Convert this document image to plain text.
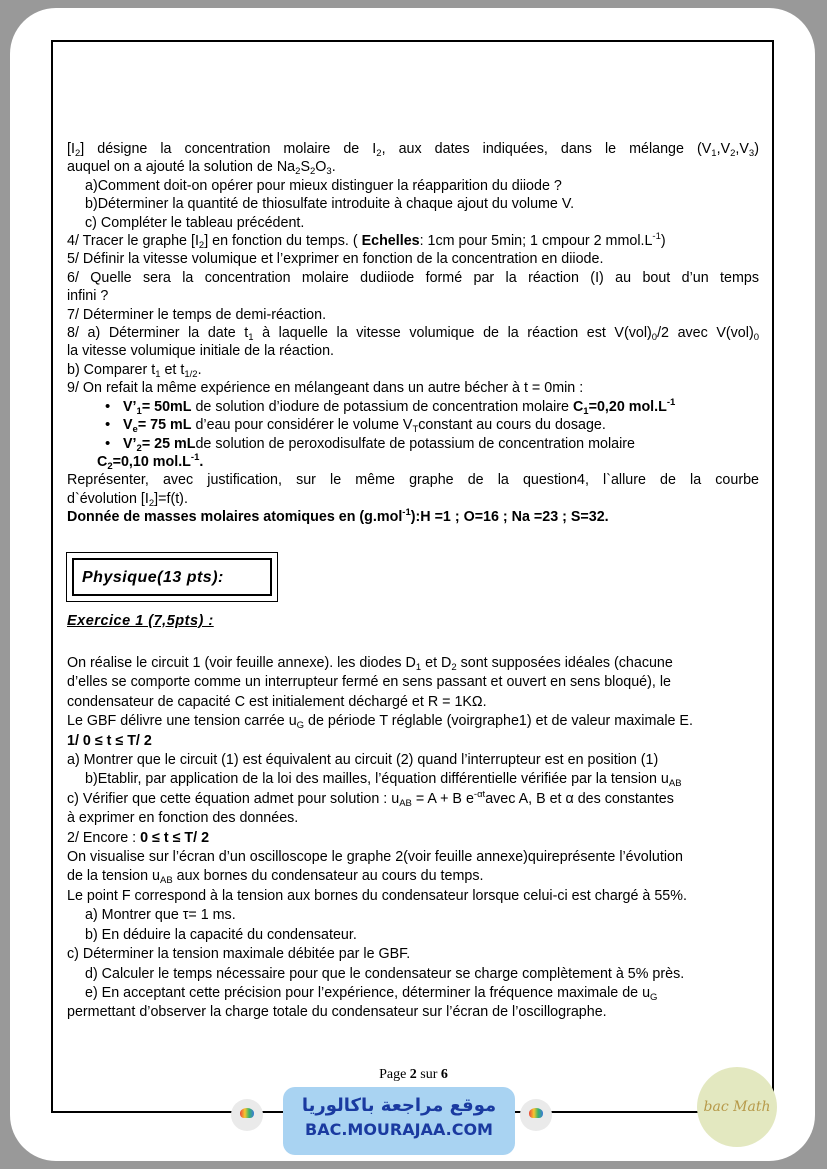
$[I_2]$ désigne la concentration molaire de $I_2$, aux dates indiquées, dans le mélange $(V_1,V_2,V_3)$

auquel on a ajouté la solution de $Na_2S_2O_3$.

a)Comment doit-on opérer pour mieux distinguer la réapparition du diiode ?

b)Déterminer la quantité de thiosulfate introduite à chaque ajout du volume V.

c) Compléter le tableau précédent.

4/ Tracer le graphe $[I_2]$ en fonction du temps. ( Echelles: 1cm pour 5min; 1 cmpour 2 $mmol.L^{-1}$)

5/ Définir la vitesse volumique et l’exprimer en fonction de la concentration en diiode.

6/ Quelle sera la concentration molaire dudiiode formé par la réaction (I) au bout d’un temps

infini ?

7/ Déterminer le temps de demi-réaction.

8/ a) Déterminer la date $t_1$ à laquelle la vitesse volumique de la réaction est $V(vol)_0/2$ avec $V(vol)_0$

la vitesse volumique initiale de la réaction.

b) Comparer $t_1$ et $t_{1/2}$.

9/ On refait la même expérience en mélangeant dans un autre bécher à t = 0min :

• $V’_1= 50mL$ de solution d’iodure de potassium de concentration molaire $C_1=0,20$ $mol.L^{-1}$
• $V_e= 75$ mL d’eau pour considérer le volume $V_Tconstant$ au cours du dosage.
• $V’_2= 25$ mLde solution de peroxodisulfate de potassium de concentration molaire

$C_2=0,10$ $mol.L^{-1}$.

Représenter, avec justification, sur le même graphe de la question4, l`allure de la courbe

d`évolution $[I_2]=f(t)$.

Donnée de masses molaires atomiques en (g.mol$^{-1}$):H =1 ; O=16 ; Na =23 ; S=32.

Physique(13 pts):
Exercice 1 (7,5pts) :

On réalise le circuit 1 (voir feuille annexe). les diodes $D_1$ et $D_2$ sont supposées idéales (chacune

d’elles se comporte comme un interrupteur fermé en sens passant et ouvert en sens bloqué), le

condensateur de capacité C est initialement déchargé et R = 1KΩ.

Le GBF délivre une tension carrée $u_G$ de période T réglable (voirgraphe1) et de valeur maximale E.

1/ 0 ≤ t ≤ T/ 2

a) Montrer que le circuit (1) est équivalent au circuit (2) quand l’interrupteur est en position (1)

b)Etablir, par application de la loi des mailles, l’équation différentielle vérifiée par la tension $u_{AB}$

c) Vérifier que cette équation admet pour solution : $u_{AB} = A + B$ $e^{-\alpha t}avec$ A, B et α des constantes

à exprimer en fonction des données.

2/ Encore : 0 ≤ t ≤ T/ 2

On visualise sur l’écran d’un oscilloscope le graphe 2(voir feuille annexe)quireprésente l’évolution

de la tension $u_{AB}$ aux bornes du condensateur au cours du temps.

Le point F correspond à la tension aux bornes du condensateur lorsque celui-ci est chargé à 55%.

a) Montrer que τ= 1 ms.

b) En déduire la capacité du condensateur.

c) Déterminer la tension maximale débitée par le GBF.

d) Calculer le temps nécessaire pour que le condensateur se charge complètement à 5% près.

e) En acceptant cette précision pour l’expérience, déterminer la fréquence maximale de $u_G$

permettant d’observer la charge totale du condensateur sur l’écran de l’oscillographe.

Page 2 sur 6
موقع مراجعة باكالوريا
BAC.MOURAJAA.COM
bac Math
